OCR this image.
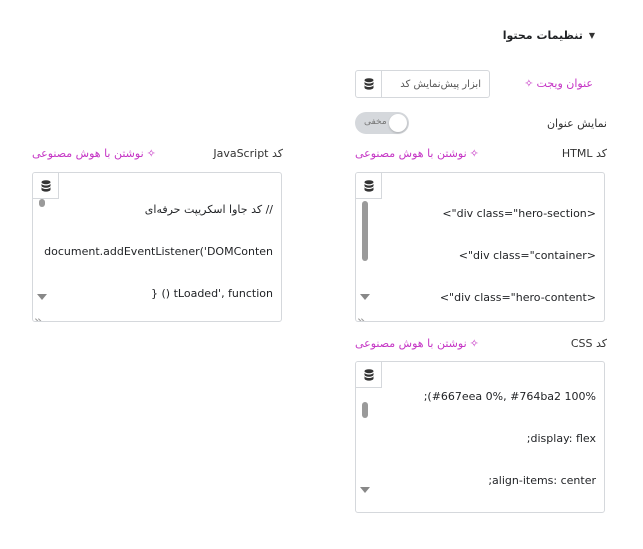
▼
تنظیمات محتوا
عنوان ویجت
✧
ابزار پیش‌نمایش کد
نمایش عنوان
مخفی
کد JavaScript
✧
نوشتن با هوش مصنوعی	کد HTML
✧
نوشتن با هوش مصنوعی

// کد جاوا اسکریپت حرفه‌ای

document.addEventListener('DOMConten

tLoaded', function () {

<div class="hero-section">

<div class="container">

<div class="hero-content">

کد CSS
✧
نوشتن با هوش مصنوعی

#667eea 0%, #764ba2 100%);

display: flex;

align-items: center;
